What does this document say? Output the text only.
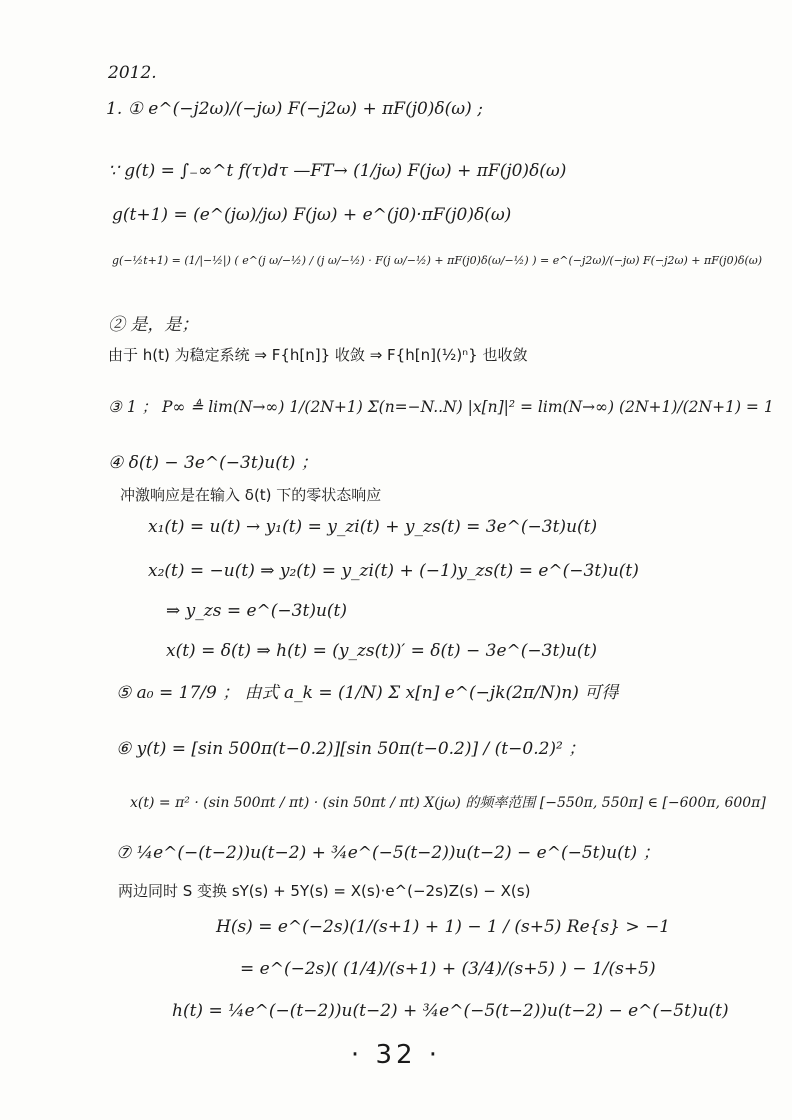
2012.
1. ① e^(−j2ω)/(−jω) F(−j2ω) + πF(j0)δ(ω) ;
∵ g(t) = ∫₋∞^t f(τ)dτ —FT→ (1/jω) F(jω) + πF(j0)δ(ω)
g(t+1) = (e^(jω)/jω) F(jω) + e^(j0)·πF(j0)δ(ω)
g(−½t+1) = (1/|−½|) ( e^(j ω/−½) / (j ω/−½) · F(j ω/−½) + πF(j0)δ(ω/−½) ) = e^(−j2ω)/(−jω) F(−j2ω) + πF(j0)δ(ω)
② 是，是；
由于 h(t) 为稳定系统 ⇒ F{h[n]} 收敛 ⇒ F{h[n](½)ⁿ} 也收敛
③ 1 ； P∞ ≜ lim(N→∞) 1/(2N+1) Σ(n=−N..N) |x[n]|² = lim(N→∞) (2N+1)/(2N+1) = 1
④ δ(t) − 3e^(−3t)u(t) ；
冲激响应是在输入 δ(t) 下的零状态响应
x₁(t) = u(t) → y₁(t) = y_zi(t) + y_zs(t) = 3e^(−3t)u(t)
x₂(t) = −u(t) ⇒ y₂(t) = y_zi(t) + (−1)y_zs(t) = e^(−3t)u(t)
⇒ y_zs = e^(−3t)u(t)
x(t) = δ(t) ⇒ h(t) = (y_zs(t))′ = δ(t) − 3e^(−3t)u(t)
⑤ a₀ = 17/9 ； 由式 a_k = (1/N) Σ x[n] e^(−jk(2π/N)n) 可得
⑥ y(t) = [sin 500π(t−0.2)][sin 50π(t−0.2)] / (t−0.2)² ；
x(t) = π² · (sin 500πt / πt) · (sin 50πt / πt) X(jω) 的频率范围 [−550π, 550π] ∈ [−600π, 600π]
⑦ ¼e^(−(t−2))u(t−2) + ¾e^(−5(t−2))u(t−2) − e^(−5t)u(t) ；
两边同时 S 变换 sY(s) + 5Y(s) = X(s)·e^(−2s)Z(s) − X(s)
H(s) = e^(−2s)(1/(s+1) + 1) − 1 / (s+5) Re{s} > −1
= e^(−2s)( (1/4)/(s+1) + (3/4)/(s+5) ) − 1/(s+5)
h(t) = ¼e^(−(t−2))u(t−2) + ¾e^(−5(t−2))u(t−2) − e^(−5t)u(t)
· 32 ·
